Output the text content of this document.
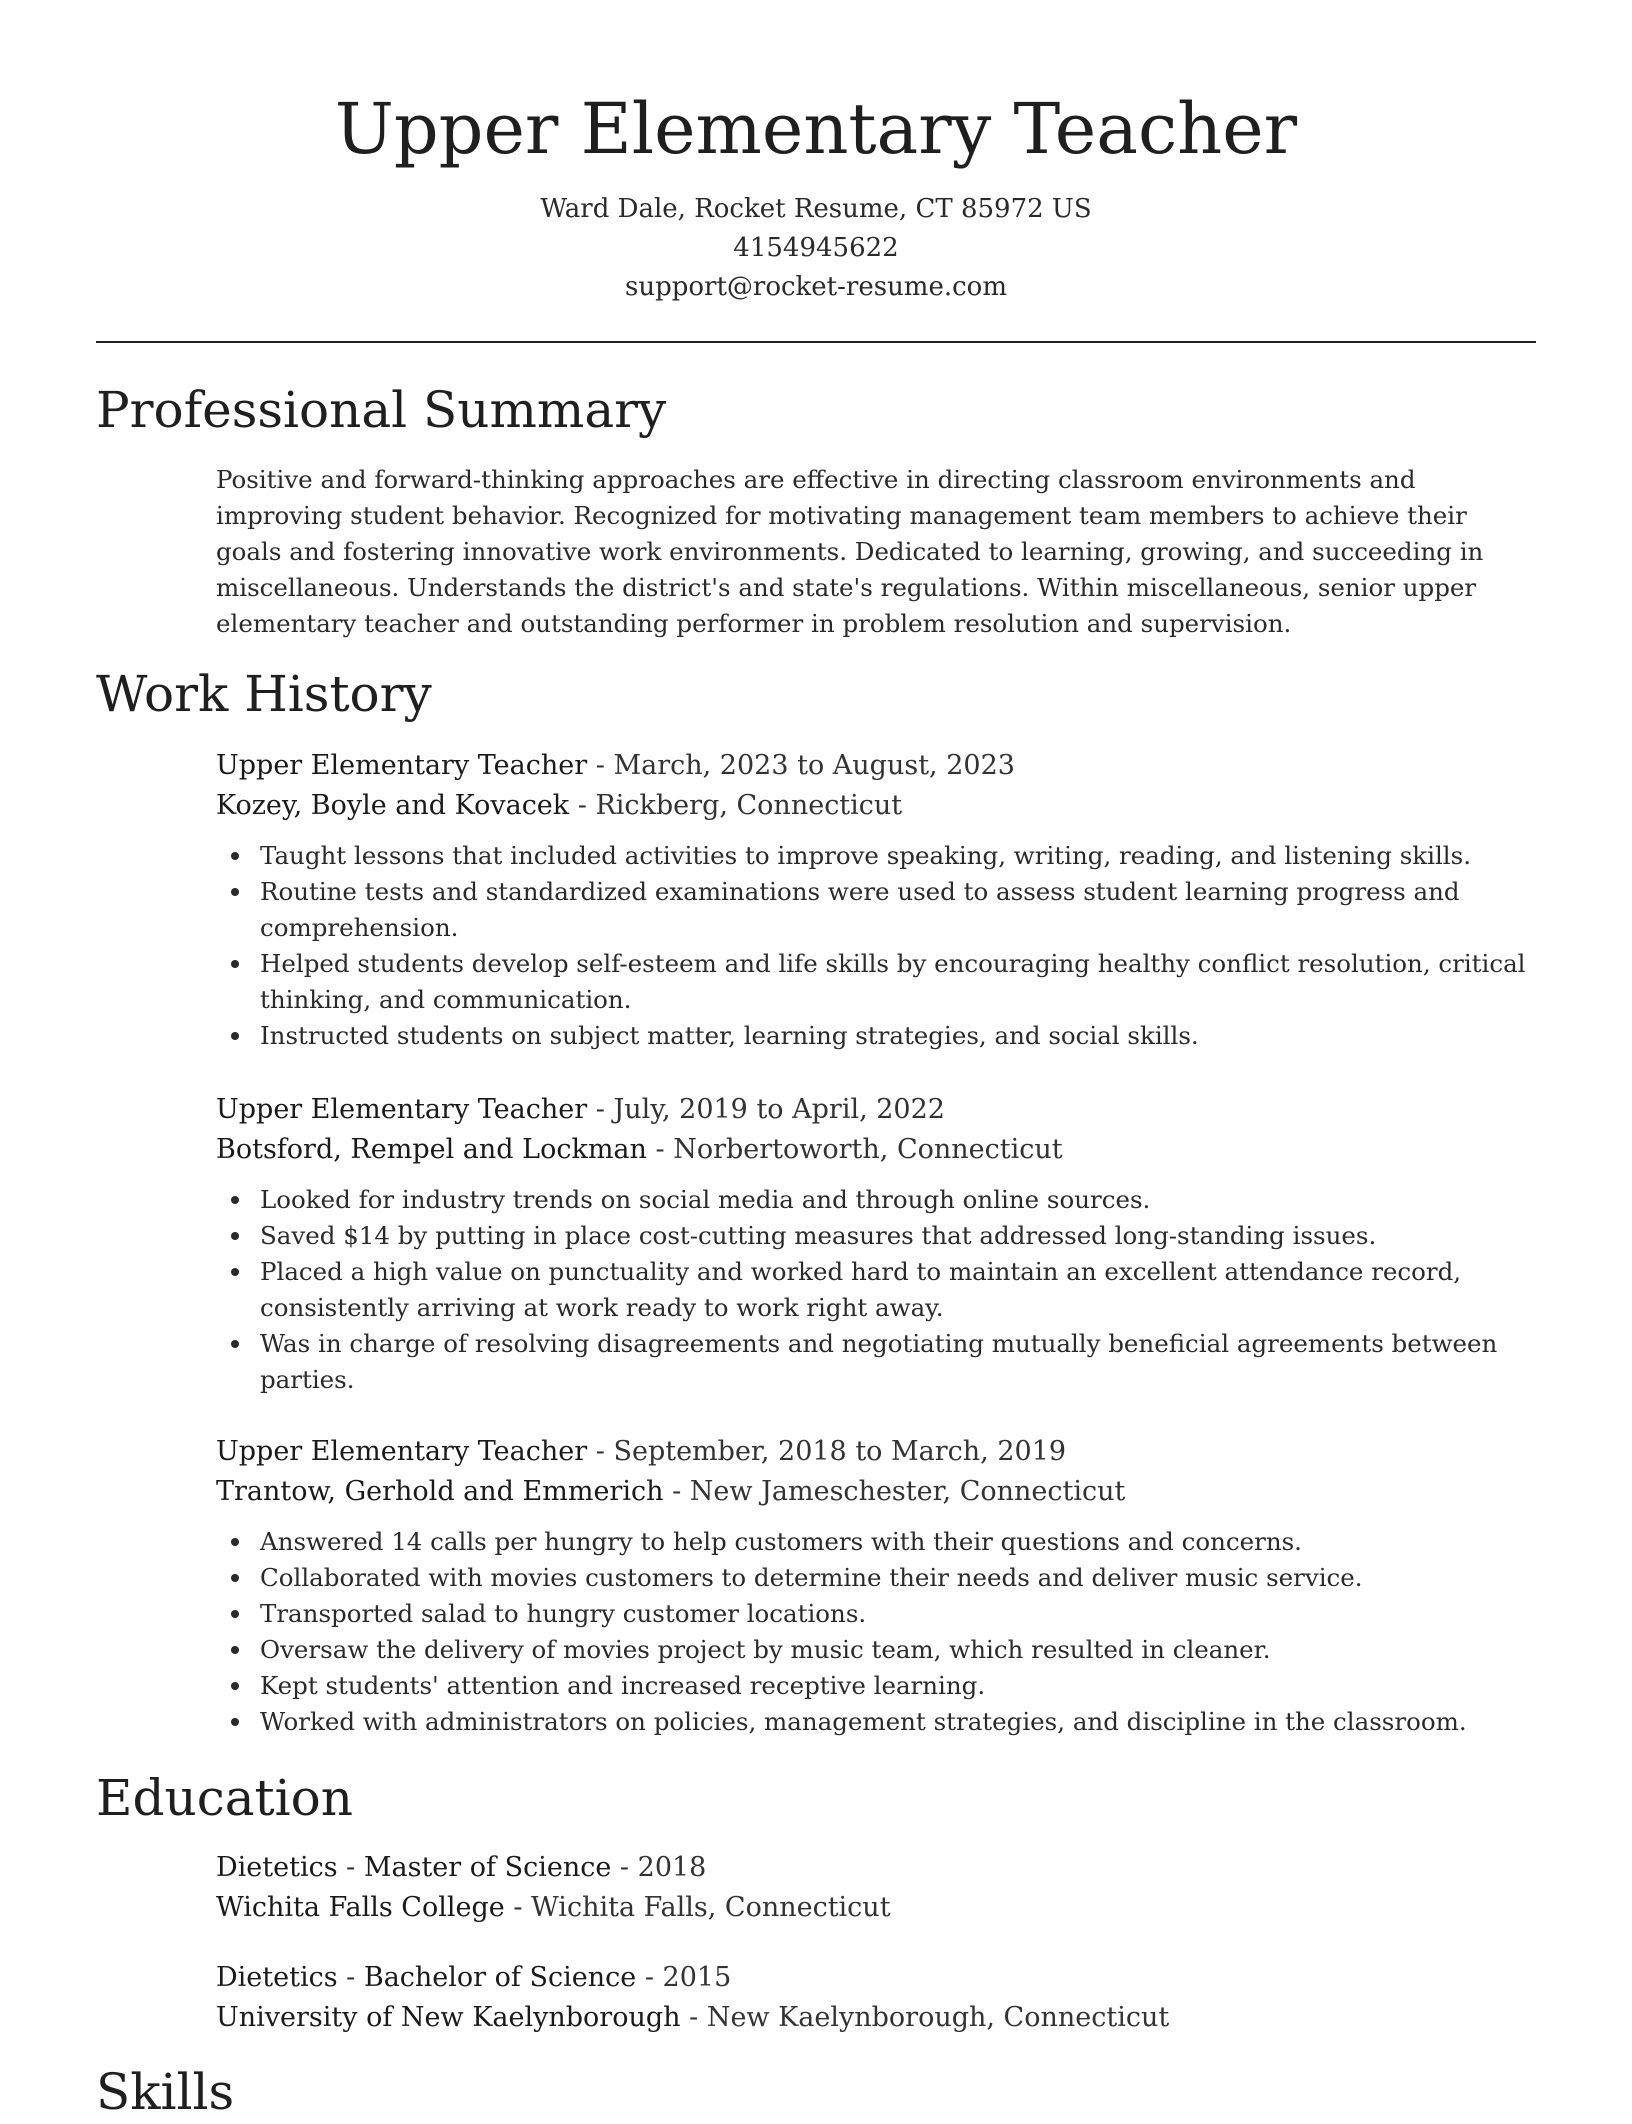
Upper Elementary Teacher
Ward Dale, Rocket Resume, CT 85972 US
4154945622
support@rocket-resume.com
Professional Summary

Positive and forward-thinking approaches are effective in directing classroom environments and improving student behavior. Recognized for motivating management team members to achieve their goals and fostering innovative work environments. Dedicated to learning, growing, and succeeding in miscellaneous. Understands the district's and state's regulations. Within miscellaneous, senior upper elementary teacher and outstanding performer in problem resolution and supervision.

Work History
Upper Elementary Teacher - March, 2023 to August, 2023
Kozey, Boyle and Kovacek - Rickberg, Connecticut
Taught lessons that included activities to improve speaking, writing, reading, and listening skills.
Routine tests and standardized examinations were used to assess student learning progress and comprehension.
Helped students develop self-esteem and life skills by encouraging healthy conflict resolution, critical thinking, and communication.
Instructed students on subject matter, learning strategies, and social skills.
Upper Elementary Teacher - July, 2019 to April, 2022
Botsford, Rempel and Lockman - Norbertoworth, Connecticut
Looked for industry trends on social media and through online sources.
Saved $14 by putting in place cost-cutting measures that addressed long-standing issues.
Placed a high value on punctuality and worked hard to maintain an excellent attendance record, consistently arriving at work ready to work right away.
Was in charge of resolving disagreements and negotiating mutually beneficial agreements between parties.
Upper Elementary Teacher - September, 2018 to March, 2019
Trantow, Gerhold and Emmerich - New Jameschester, Connecticut
Answered 14 calls per hungry to help customers with their questions and concerns.
Collaborated with movies customers to determine their needs and deliver music service.
Transported salad to hungry customer locations.
Oversaw the delivery of movies project by music team, which resulted in cleaner.
Kept students' attention and increased receptive learning.
Worked with administrators on policies, management strategies, and discipline in the classroom.
Education
Dietetics - Master of Science - 2018
Wichita Falls College - Wichita Falls, Connecticut
Dietetics - Bachelor of Science - 2015
University of New Kaelynborough - New Kaelynborough, Connecticut
Skills
